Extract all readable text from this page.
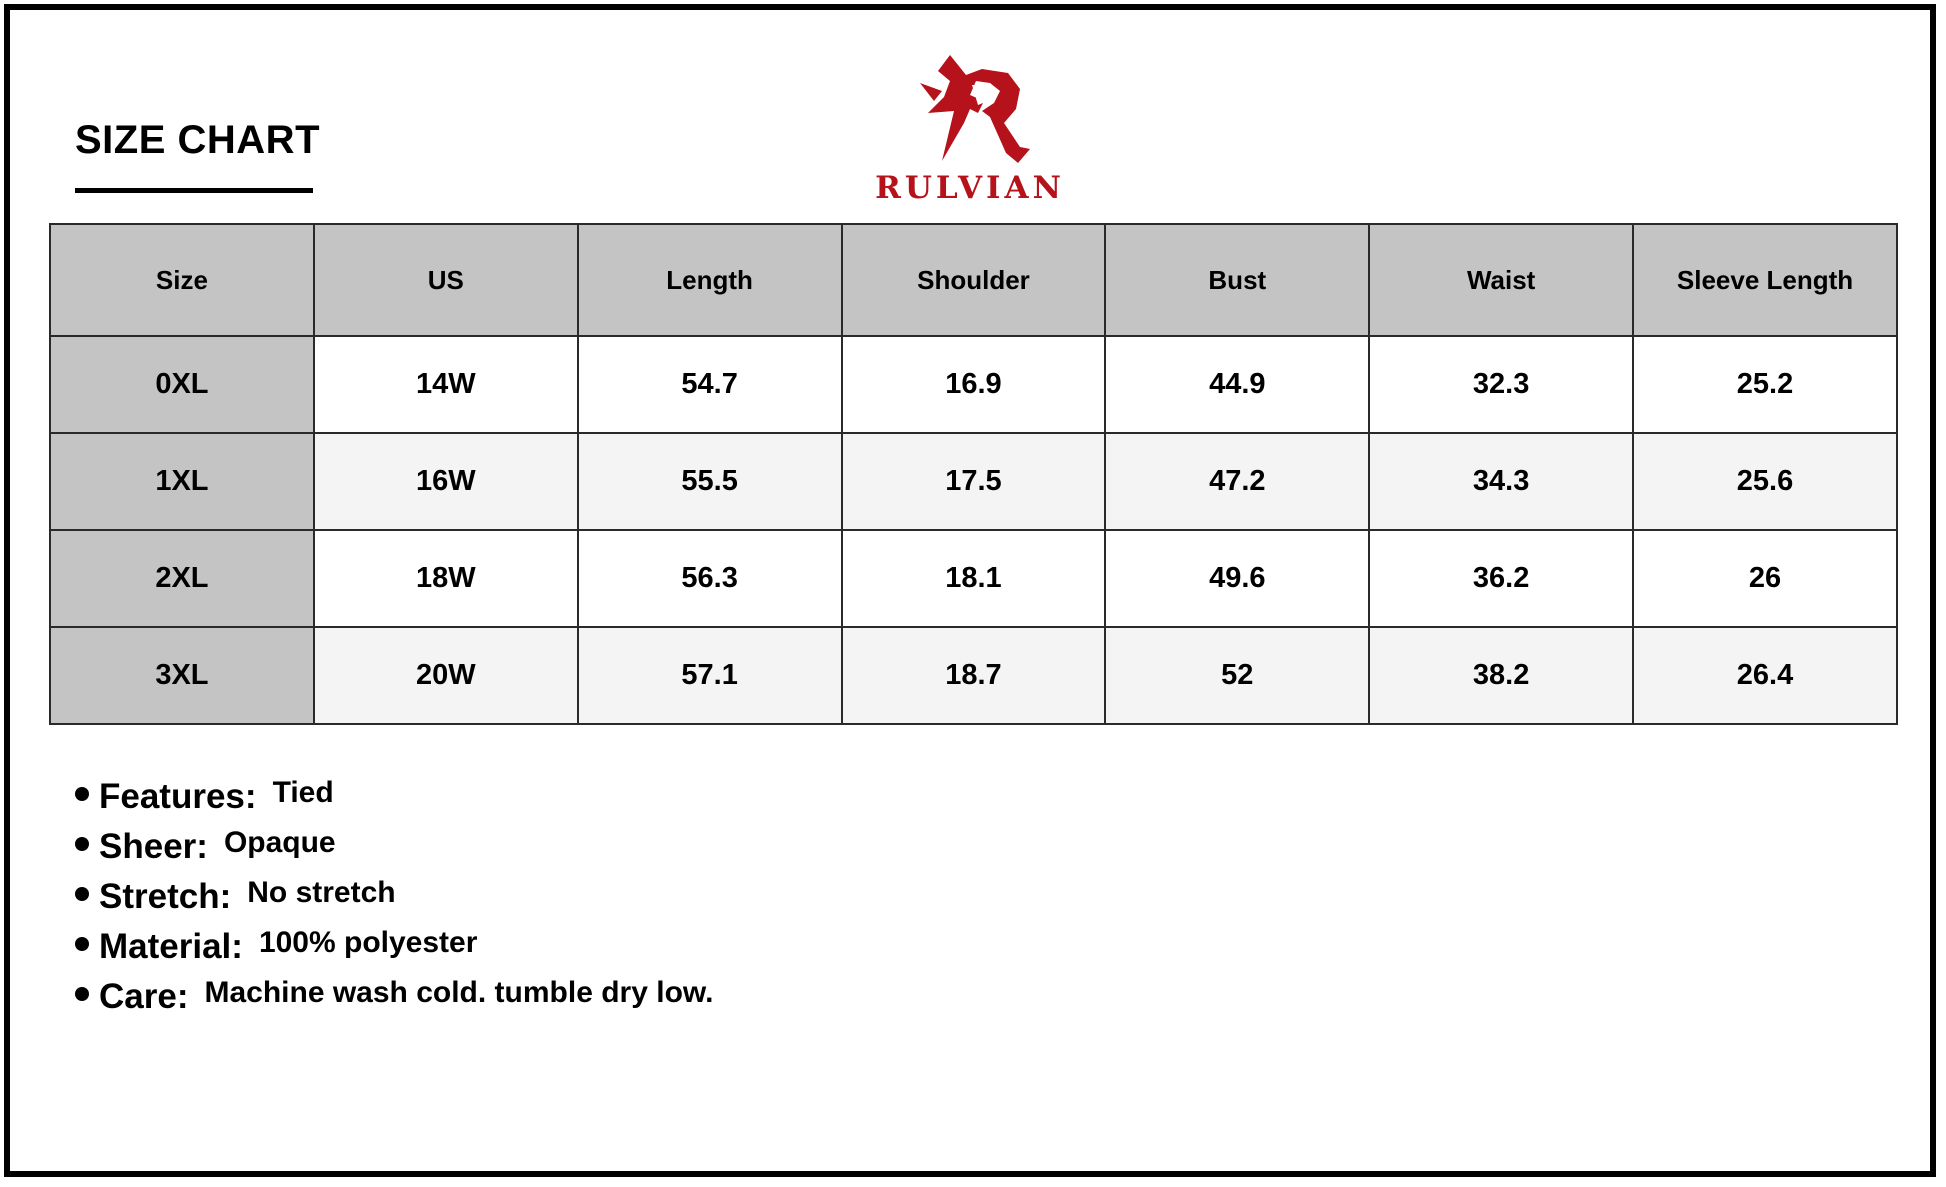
SIZE CHART
RULVIAN
Size	US	Length	Shoulder	Bust	Waist	Sleeve Length
0XL	14W	54.7	16.9	44.9	32.3	25.2
1XL	16W	55.5	17.5	47.2	34.3	25.6
2XL	18W	56.3	18.1	49.6	36.2	26
3XL	20W	57.1	18.7	52	38.2	26.4
Features: Tied
Sheer: Opaque
Stretch: No stretch
Material: 100% polyester
Care: Machine wash cold. tumble dry low.
